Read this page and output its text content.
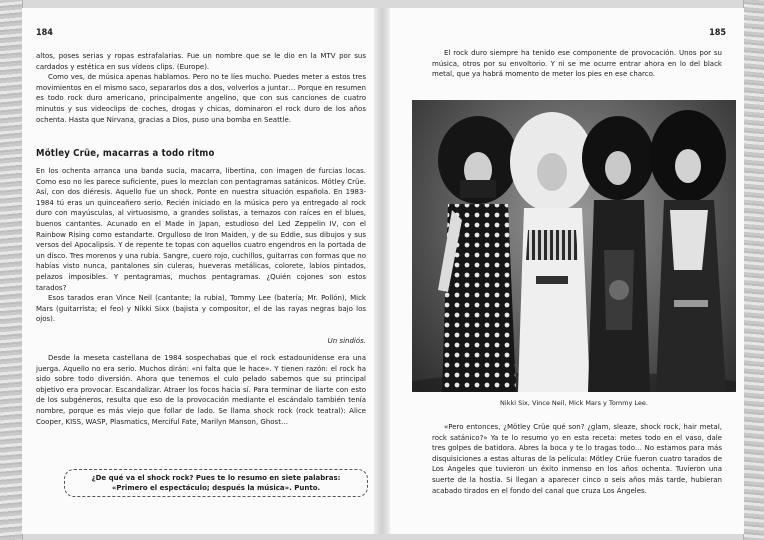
184

altos, poses serias y ropas estrafalarias. Fue un nombre que se le dio en la MTV por sus cardados y estética en sus vídeos clips. (Europe).

Como ves, de música apenas hablamos. Pero no te líes mucho. Puedes meter a estos tres movimientos en el mismo saco, separarlos dos a dos, volverlos a juntar… Porque en resumen es todo rock duro americano, principalmente angelino, que con sus canciones de cuatro minutos y sus videoclips de coches, drogas y chicas, dominaron el rock duro de los años ochenta. Hasta que Nirvana, gracias a Dios, puso una bomba en Seattle.

Mötley Crüe, macarras a todo ritmo

En los ochenta arranca una banda sucia, macarra, libertina, con imagen de furcias locas. Como eso no les parece suficiente, pues lo mezclan con pentagramas satánicos. Mötley Crüe. Así, con dos diéresis. Aquello fue un shock. Ponte en nuestra situación española. En 1983-1984 tú eras un quinceañero serio. Recién iniciado en la música pero ya entregado al rock duro con mayúsculas, al virtuosismo, a grandes solistas, a temazos con raíces en el blues, buenos cantantes. Acunado en el Made in Japan, estudioso del Led Zeppelin IV, con el Rainbow Rising como estandarte. Orgulloso de Iron Maiden, y de su Eddie, sus dibujos y sus versos del Apocalipsis. Y de repente te topas con aquellos cuatro engendros en la portada de un disco. Tres morenos y una rubia. Sangre, cuero rojo, cuchillos, guitarras con formas que no habías visto nunca, pantalones sin culeras, hueveras metálicas, colorete, labios pintados, pelazos imposibles. Y pentagramas, muchos pentagramas. ¿Quién cojones son estos tarados?

Esos tarados eran Vince Neil (cantante; la rubia), Tommy Lee (batería; Mr. Pollón), Mick Mars (guitarrista; el feo) y Nikki Sixx (bajista y compositor, el de las rayas negras bajo los ojos).

Un sindiós.

Desde la meseta castellana de 1984 sospechabas que el rock estadounidense era una juerga. Aquello no era serio. Muchos dirán: «ni falta que le hace». Y tienen razón: el rock ha sido sobre todo diversión. Ahora que tenemos el culo pelado sabemos que su principal objetivo era provocar. Escandalizar. Atraer los focos hacia sí. Para terminar de liarte con esto de los subgéneros, resulta que eso de la provocación mediante el escándalo también tenía nombre, porque es más viejo que follar de lado. Se llama shock rock (rock teatral): Alice Cooper, KISS, WASP, Plasmatics, Merciful Fate, Marilyn Manson, Ghost…

¿De qué va el shock rock? Pues te lo resumo en siete palabras: «Primero el espectáculo; después la música». Punto.
185

El rock duro siempre ha tenido ese componente de provocación. Unos por su música, otros por su envoltorio. Y ni se me ocurre entrar ahora en lo del black metal, que ya habrá momento de meter los pies en ese charco.

Nikki Six, Vince Neil, Mick Mars y Tommy Lee.

«Pero entonces, ¿Mötley Crüe qué son? ¿glam, sleaze, shock rock, hair metal, rock satánico?» Ya te lo resumo yo en esta receta: metes todo en el vaso, dale tres golpes de batidora. Abres la boca y te lo tragas todo… No estamos para más disquisiciones a estas alturas de la película: Mötley Crüe fueron cuatro tarados de Los Ángeles que tuvieron un éxito inmenso en los años ochenta. Tuvieron una suerte de la hostia. Si llegan a aparecer cinco o seis años más tarde, hubieran acabado tirados en el fondo del canal que cruza Los Ángeles.
